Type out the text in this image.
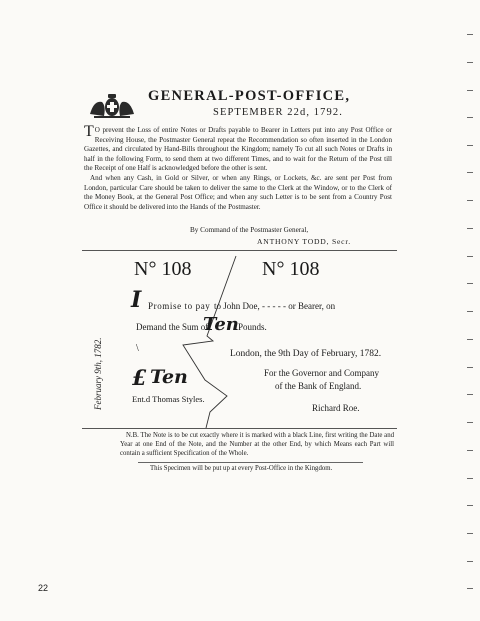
GENERAL-POST-OFFICE,
SEPTEMBER 22d, 1792.

T O prevent the Loss of entire Notes or Drafts payable to Bearer in Letters put into any Post Office or Receiving House, the Postmaster General repeat the Recommendation so often inserted in the London Gazettes, and circulated by Hand-Bills throughout the Kingdom; namely To cut all such Notes or Drafts in half in the following Form, to send them at two different Times, and to wait for the Return of the Post till the Receipt of one Half is acknowledged before the other is sent.

And when any Cash, in Gold or Silver, or when any Rings, or Lockets, &c. are sent per Post from London, particular Care should be taken to deliver the same to the Clerk at the Window, or to the Clerk of the Money Book, at the General Post Office; and when any such Letter is to be sent from a Country Post Office it should be delivered into the Hands of the Postmaster.

By Command of the Postmaster General,
ANTHONY TODD, Secr.
N° 108	N° 108
I Promise to pay to John Doe, - - - - - or Bearer, on
Demand the Sum of
Ten Pounds.
February 9th, 1782.	\	London, the 9th Day of February, 1782.
£ Ten	For the Governor and Company
of the Bank of England.
Ent.d Thomas Styles.
Richard Roe.

N.B. The Note is to be cut exactly where it is marked with a black Line, first writing the Date and Year at one End of the Note, and the Number at the other End, by which Means each Part will contain a sufficient Specification of the Whole.

This Specimen will be put up at every Post-Office in the Kingdom.
22
